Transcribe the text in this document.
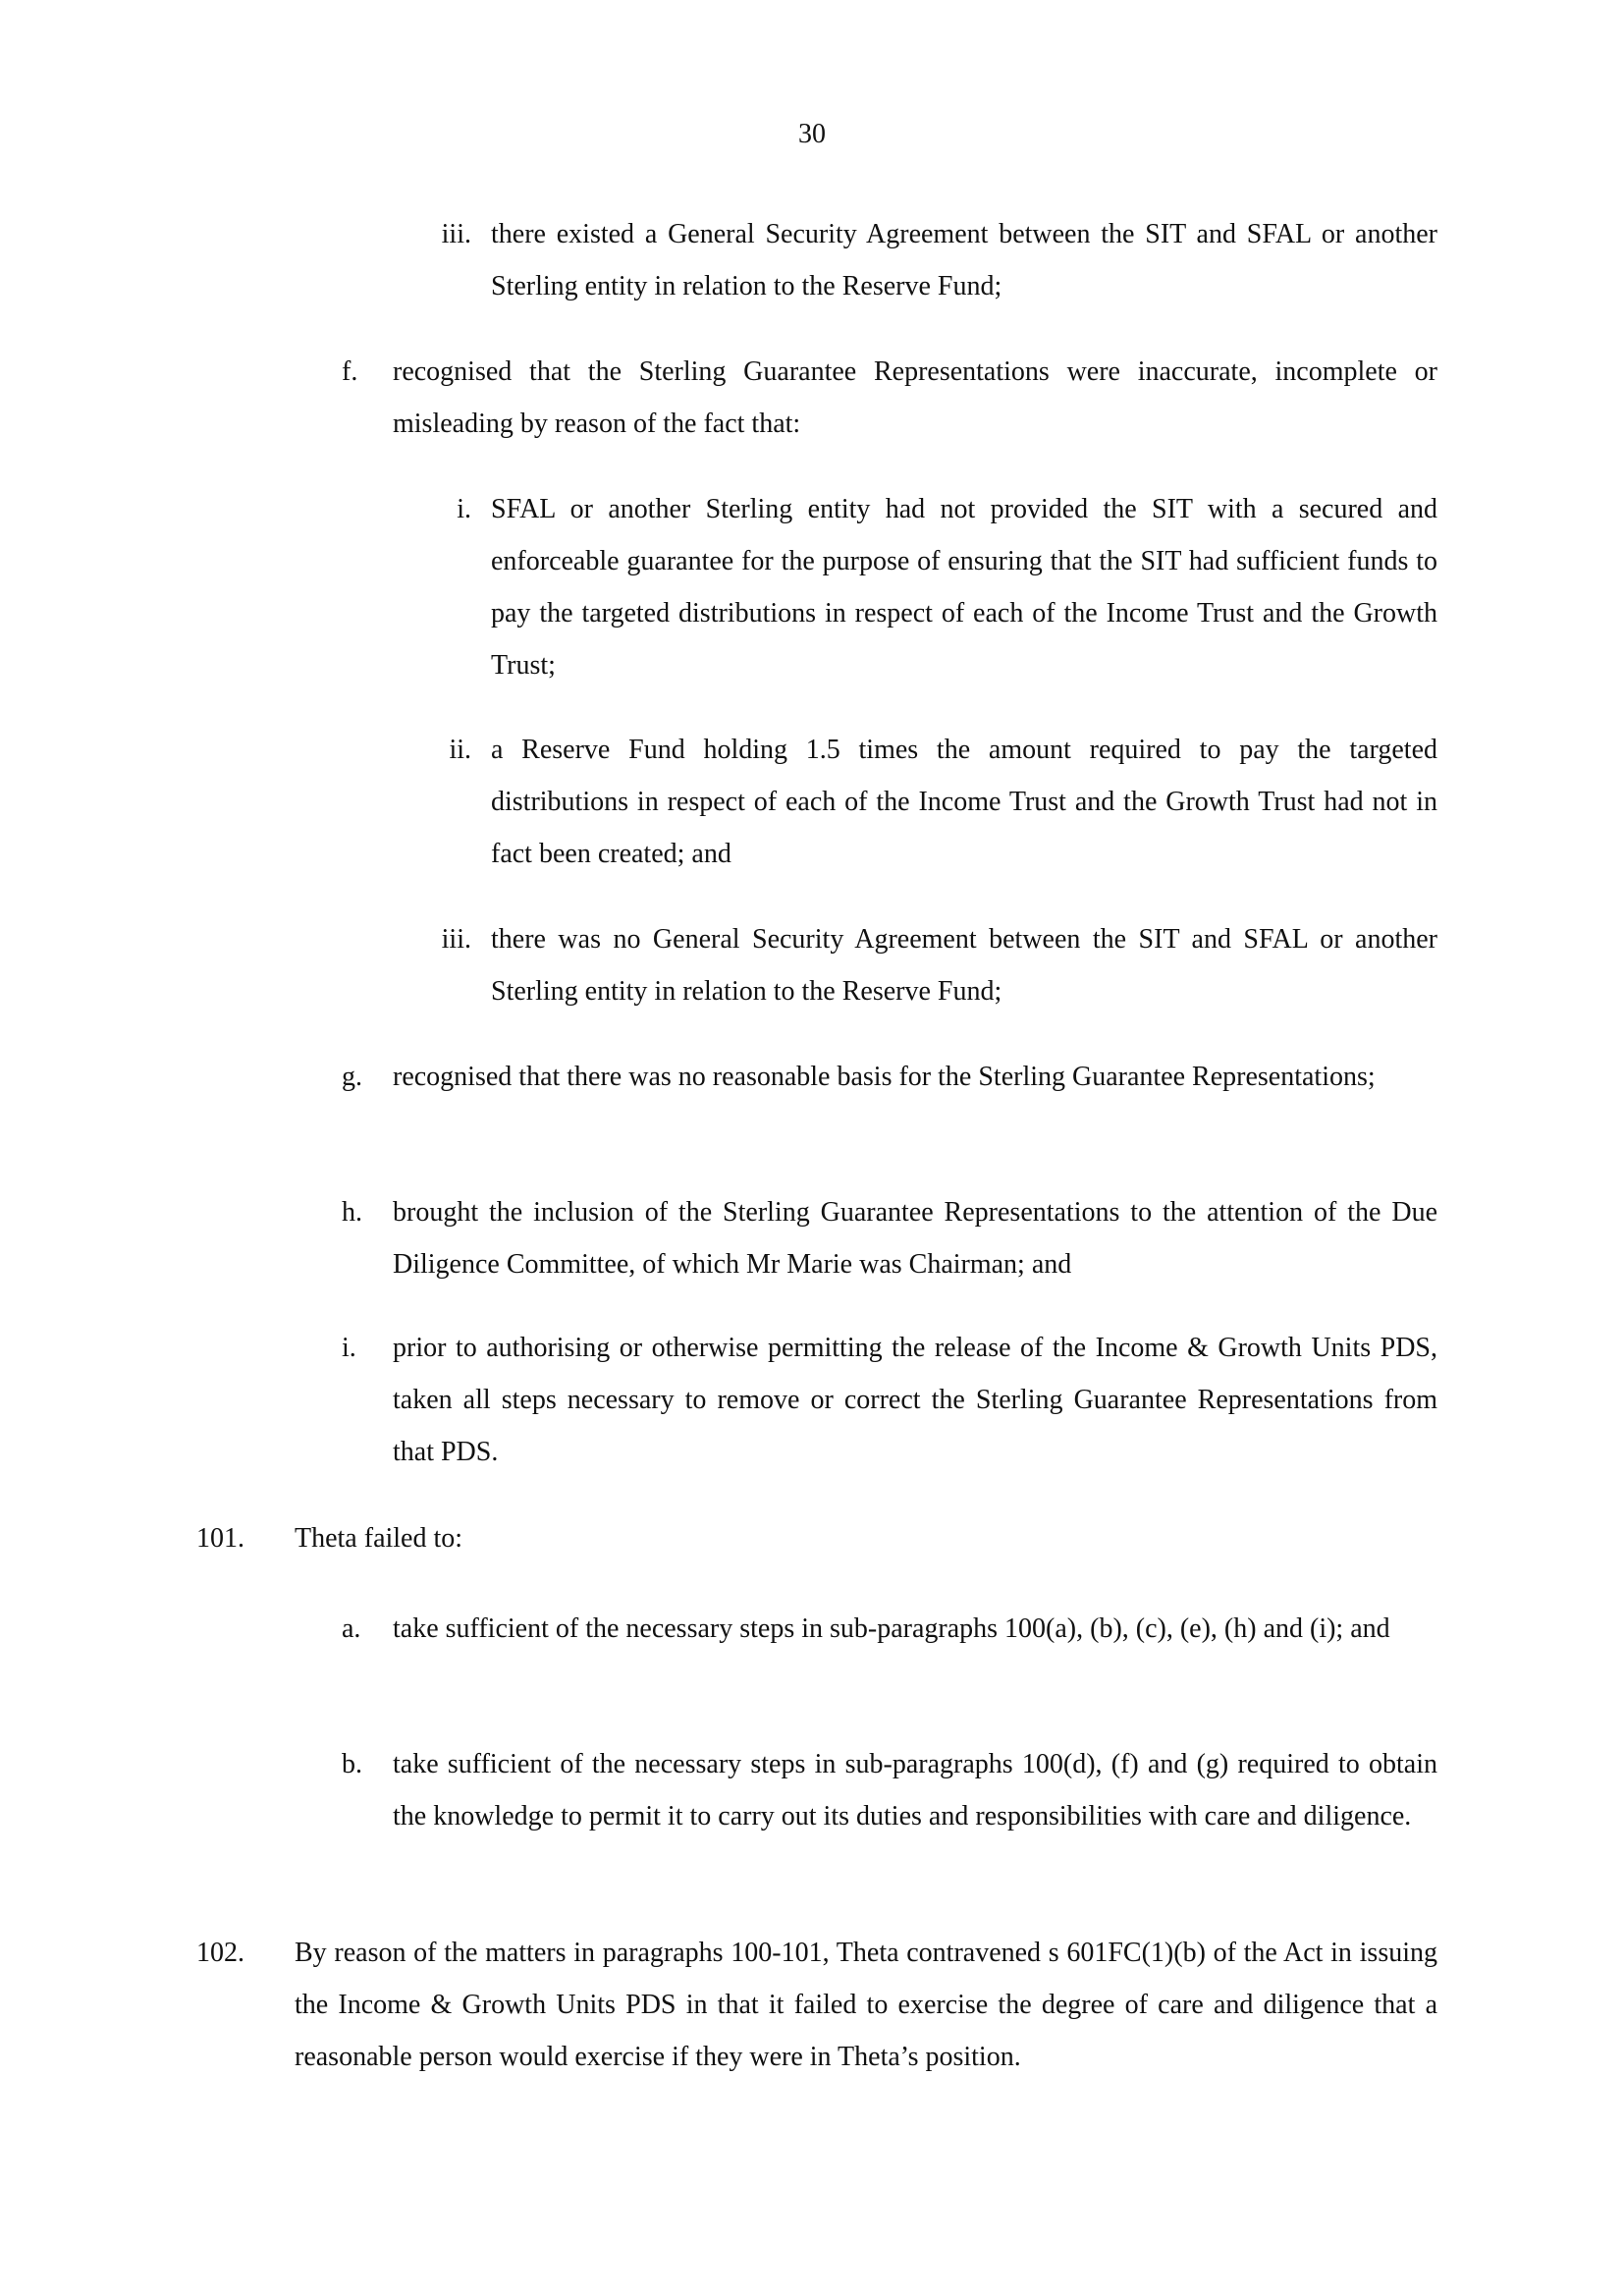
30
iii. there existed a General Security Agreement between the SIT and SFAL or another Sterling entity in relation to the Reserve Fund;
f. recognised that the Sterling Guarantee Representations were inaccurate, incomplete or misleading by reason of the fact that:
i. SFAL or another Sterling entity had not provided the SIT with a secured and enforceable guarantee for the purpose of ensuring that the SIT had sufficient funds to pay the targeted distributions in respect of each of the Income Trust and the Growth Trust;
ii. a Reserve Fund holding 1.5 times the amount required to pay the targeted distributions in respect of each of the Income Trust and the Growth Trust had not in fact been created; and
iii. there was no General Security Agreement between the SIT and SFAL or another Sterling entity in relation to the Reserve Fund;
g. recognised that there was no reasonable basis for the Sterling Guarantee Representations;
h. brought the inclusion of the Sterling Guarantee Representations to the attention of the Due Diligence Committee, of which Mr Marie was Chairman; and
i. prior to authorising or otherwise permitting the release of the Income & Growth Units PDS, taken all steps necessary to remove or correct the Sterling Guarantee Representations from that PDS.
101. Theta failed to:
a. take sufficient of the necessary steps in sub-paragraphs 100(a), (b), (c), (e), (h) and (i); and
b. take sufficient of the necessary steps in sub-paragraphs 100(d), (f) and (g) required to obtain the knowledge to permit it to carry out its duties and responsibilities with care and diligence.
102. By reason of the matters in paragraphs 100-101, Theta contravened s 601FC(1)(b) of the Act in issuing the Income & Growth Units PDS in that it failed to exercise the degree of care and diligence that a reasonable person would exercise if they were in Theta’s position.
